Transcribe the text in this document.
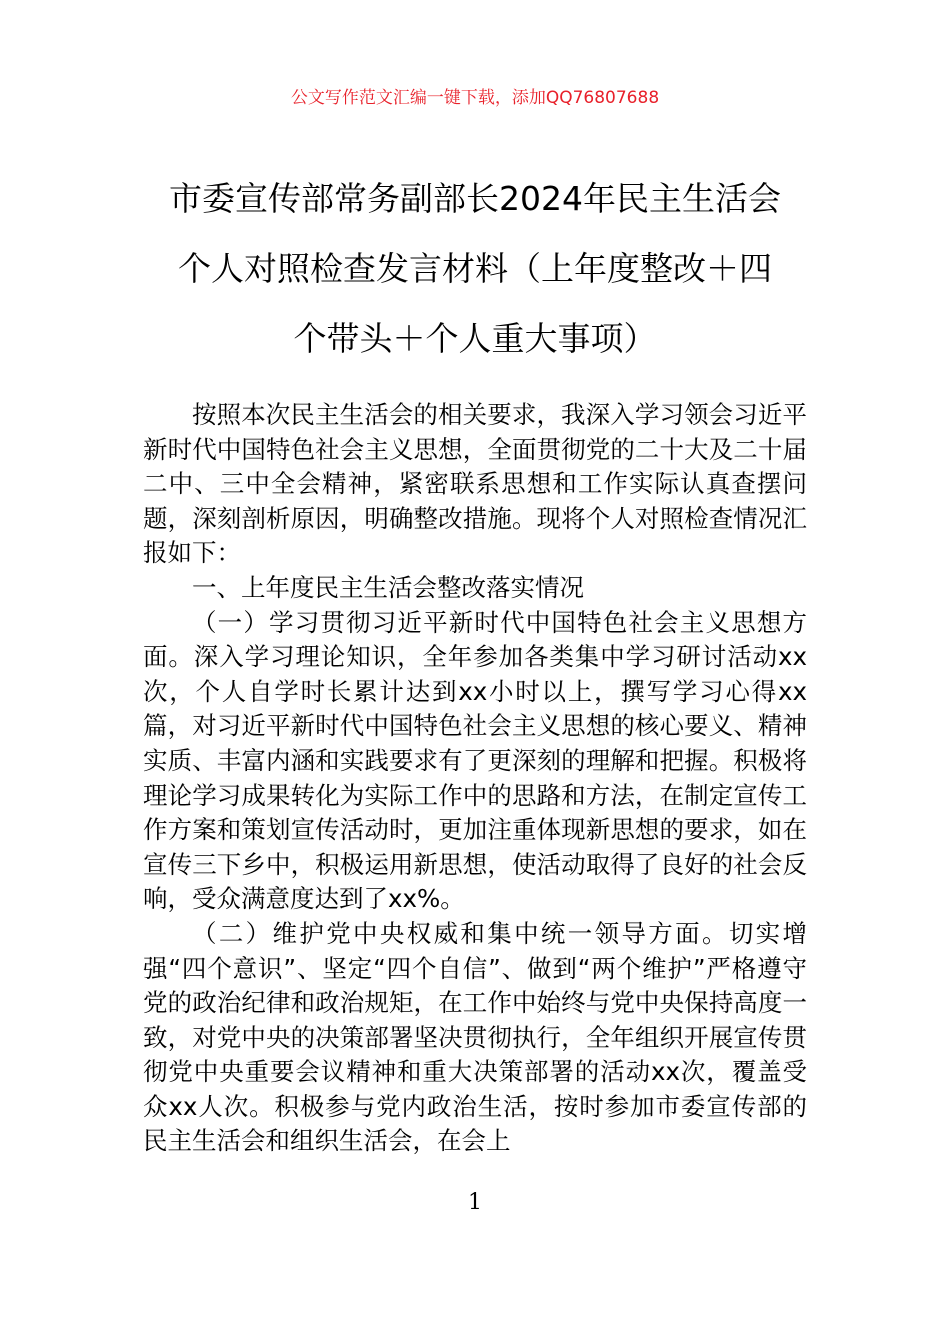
公文写作范文汇编一键下载，添加QQ76807688
市委宣传部常务副部长2024年民主生活会
个人对照检查发言材料（上年度整改＋四
个带头＋个人重大事项）

按照本次民主生活会的相关要求，我深入学习领会习近平新时代中国特色社会主义思想，全面贯彻党的二十大及二十届二中、三中全会精神，紧密联系思想和工作实际认真查摆问题，深刻剖析原因，明确整改措施。现将个人对照检查情况汇报如下：

一、上年度民主生活会整改落实情况

（一）学习贯彻习近平新时代中国特色社会主义思想方面。深入学习理论知识，全年参加各类集中学习研讨活动xx次，个人自学时长累计达到xx小时以上，撰写学习心得xx篇，对习近平新时代中国特色社会主义思想的核心要义、精神实质、丰富内涵和实践要求有了更深刻的理解和把握。积极将理论学习成果转化为实际工作中的思路和方法，在制定宣传工作方案和策划宣传活动时，更加注重体现新思想的要求，如在宣传三下乡中，积极运用新思想，使活动取得了良好的社会反响，受众满意度达到了xx%。

（二）维护党中央权威和集中统一领导方面。切实增强“四个意识”、坚定“四个自信”、做到“两个维护”严格遵守党的政治纪律和政治规矩，在工作中始终与党中央保持高度一致，对党中央的决策部署坚决贯彻执行，全年组织开展宣传贯彻党中央重要会议精神和重大决策部署的活动xx次，覆盖受众xx人次。积极参与党内政治生活，按时参加市委宣传部的民主生活会和组织生活会，在会上

1
